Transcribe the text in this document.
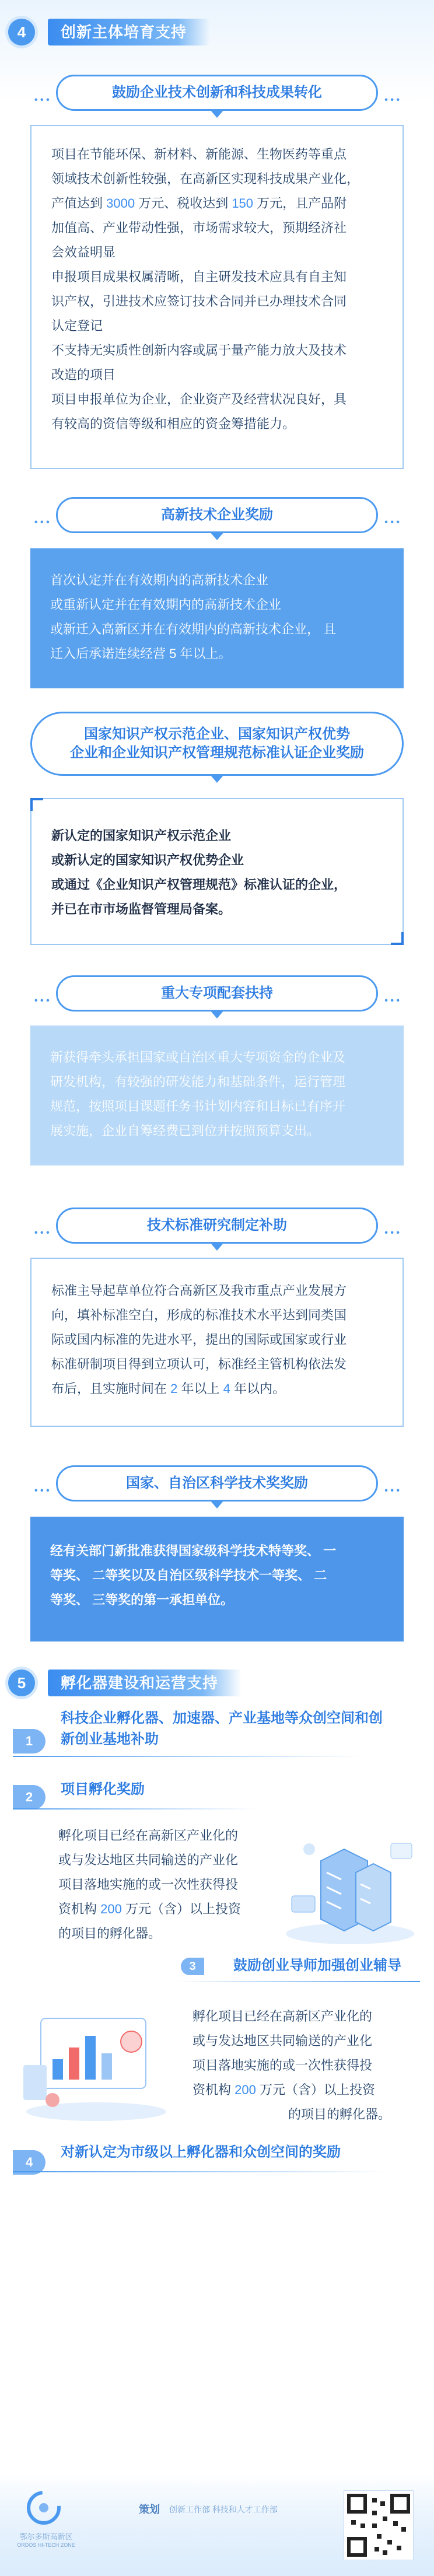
4	创新主体培育支持
• • •	鼓励企业技术创新和科技成果转化	• • •

项目在节能环保、新材料、新能源、生物医药等重点

领域技术创新性较强，在高新区实现科技成果产业化，

产值达到 3000 万元、税收达到 150 万元，且产品附

加值高、产业带动性强，市场需求较大，预期经济社

会效益明显

申报项目成果权属清晰，自主研发技术应具有自主知

识产权，引进技术应签订技术合同并已办理技术合同

认定登记

不支持无实质性创新内容或属于量产能力放大及技术

改造的项目

项目申报单位为企业，企业资产及经营状况良好，具

有较高的资信等级和相应的资金筹措能力。

• • •	高新技术企业奖励	• • •

首次认定并在有效期内的高新技术企业

或重新认定并在有效期内的高新技术企业

或新迁入高新区并在有效期内的高新技术企业， 且

迁入后承诺连续经营 5 年以上。

国家知识产权示范企业、国家知识产权优势
企业和企业知识产权管理规范标准认证企业奖励

新认定的国家知识产权示范企业

或新认定的国家知识产权优势企业

或通过《企业知识产权管理规范》标准认证的企业，

并已在市市场监督管理局备案。

• • •	重大专项配套扶持	• • •

新获得牵头承担国家或自治区重大专项资金的企业及

研发机构，有较强的研发能力和基础条件，运行管理

规范，按照项目课题任务书计划内容和目标已有序开

展实施，企业自筹经费已到位并按照预算支出。

• • •	技术标准研究制定补助	• • •

标准主导起草单位符合高新区及我市重点产业发展方

向，填补标准空白，形成的标准技术水平达到同类国

际或国内标准的先进水平，提出的国际或国家或行业

标准研制项目得到立项认可，标准经主管机构依法发

布后，且实施时间在 2 年以上 4 年以内。

• • •	国家、自治区科学技术奖奖励	• • •

经有关部门新批准获得国家级科学技术特等奖、 一

等奖、 二等奖以及自治区级科学技术一等奖、 二

等奖、 三等奖的第一承担单位。

5	孵化器建设和运营支持
1
科技企业孵化器、加速器、产业基地等众创空间和创
新创业基地补助
2	项目孵化奖励
孵化项目已经在高新区产业化的
或与发达地区共同输送的产业化
项目落地实施的或一次性获得投
资机构 200 万元（含）以上投资
的项目的孵化器。
鼓励创业导师加强创业辅导
3
孵化项目已经在高新区产业化的
或与发达地区共同输送的产业化
项目落地实施的或一次性获得投
资机构 200 万元（含）以上投资
的项目的孵化器。
4
对新认定为市级以上孵化器和众创空间的奖励
鄂尔多斯高新区
ORDOS HI-TECH ZONE
策划 创新工作部 科技和人才工作部
